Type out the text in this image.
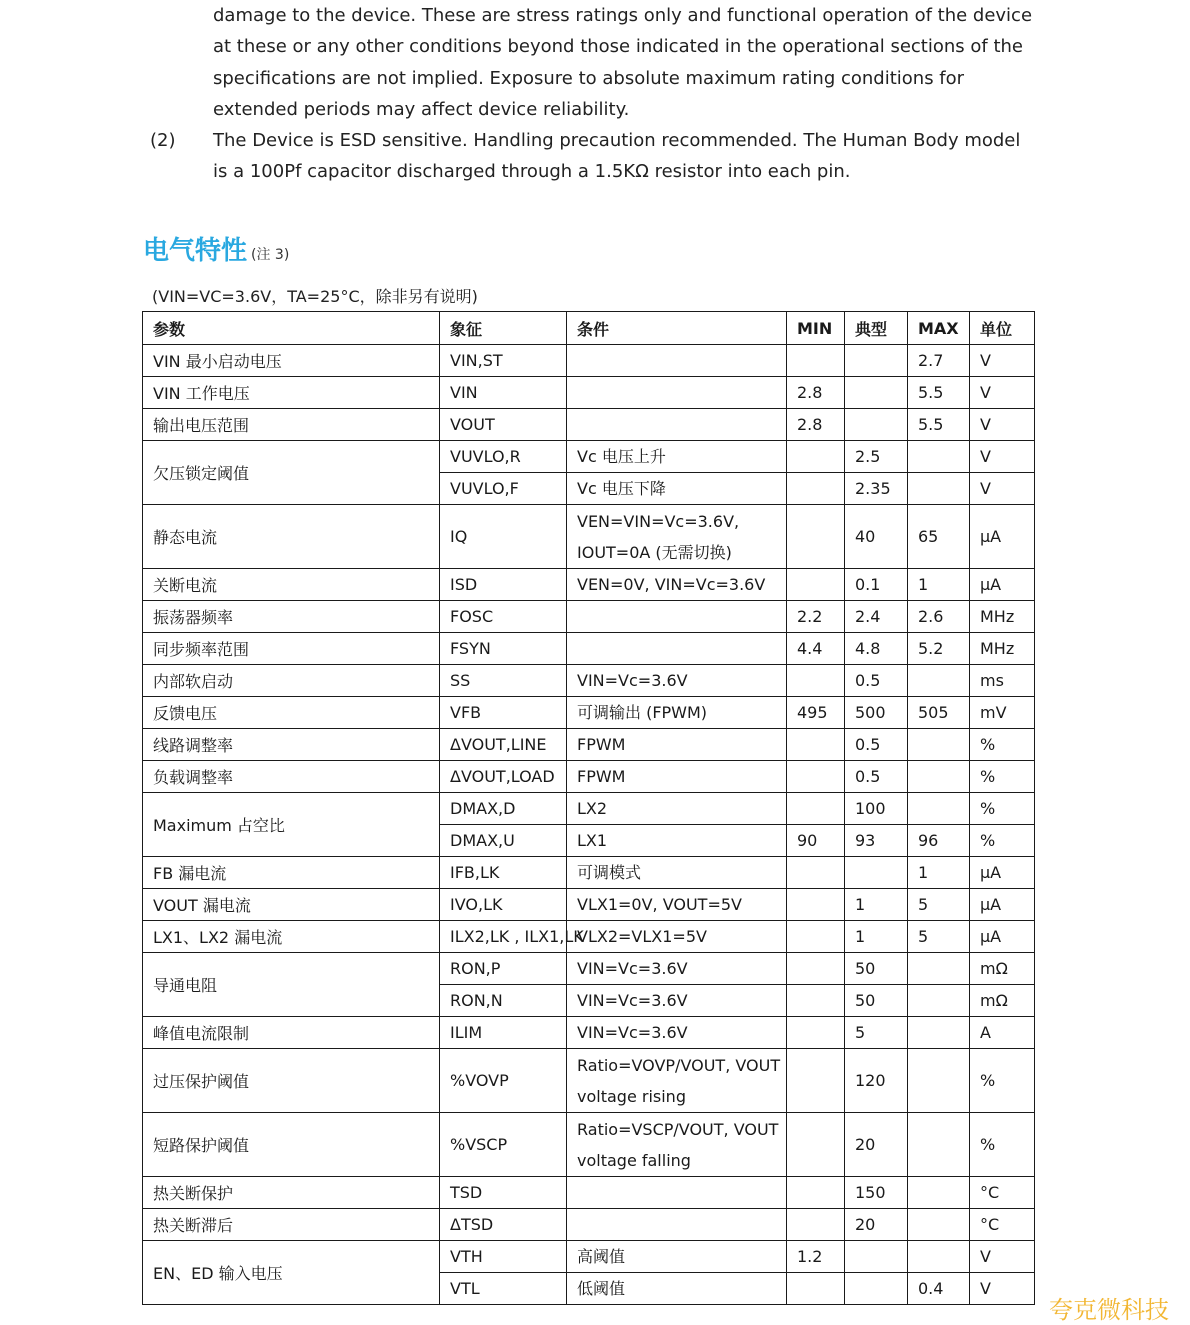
damage to the device. These are stress ratings only and functional operation of the device at these or any other conditions beyond those indicated in the operational sections of the specifications are not implied. Exposure to absolute maximum rating conditions for extended periods may affect device reliability.
(2)	The Device is ESD sensitive. Handling precaution recommended. The Human Body model is a 100Pf capacitor discharged through a 1.5KΩ resistor into each pin.
电气特性 (注 3)
(VIN=VC=3.6V，TA=25°C，除非另有说明)
参数	象征	条件	MIN	典型	MAX	单位
VIN 最小启动电压	VIN,ST				2.7	V
VIN 工作电压	VIN		2.8		5.5	V
输出电压范围	VOUT		2.8		5.5	V
欠压锁定阈值	VUVLO,R	Vc 电压上升		2.5		V
	VUVLO,F	Vc 电压下降		2.35		V
静态电流	IQ	VEN=VIN=Vc=3.6V, IOUT=0A (无需切换)		40	65	µA
关断电流	ISD	VEN=0V, VIN=Vc=3.6V		0.1	1	µA
振荡器频率	FOSC		2.2	2.4	2.6	MHz
同步频率范围	FSYN		4.4	4.8	5.2	MHz
内部软启动	SS	VIN=Vc=3.6V		0.5		ms
反馈电压	VFB	可调输出 (FPWM)	495	500	505	mV
线路调整率	ΔVOUT,LINE	FPWM		0.5		%
负载调整率	ΔVOUT,LOAD	FPWM		0.5		%
Maximum 占空比	DMAX,D	LX2		100		%
	DMAX,U	LX1	90	93	96	%
FB 漏电流	IFB,LK	可调模式			1	µA
VOUT 漏电流	IVO,LK	VLX1=0V, VOUT=5V		1	5	µA
LX1、LX2 漏电流	ILX2,LK , ILX1,LK	VLX2=VLX1=5V		1	5	µA
导通电阻	RON,P	VIN=Vc=3.6V		50		mΩ
	RON,N	VIN=Vc=3.6V		50		mΩ
峰值电流限制	ILIM	VIN=Vc=3.6V		5		A
过压保护阈值	%VOVP	Ratio=VOVP/VOUT, VOUT voltage rising		120		%
短路保护阈值	%VSCP	Ratio=VSCP/VOUT, VOUT voltage falling		20		%
热关断保护	TSD			150		°C
热关断滞后	ΔTSD			20		°C
EN、ED 输入电压	VTH	高阈值	1.2			V
	VTL	低阈值			0.4	V
夸克微科技
